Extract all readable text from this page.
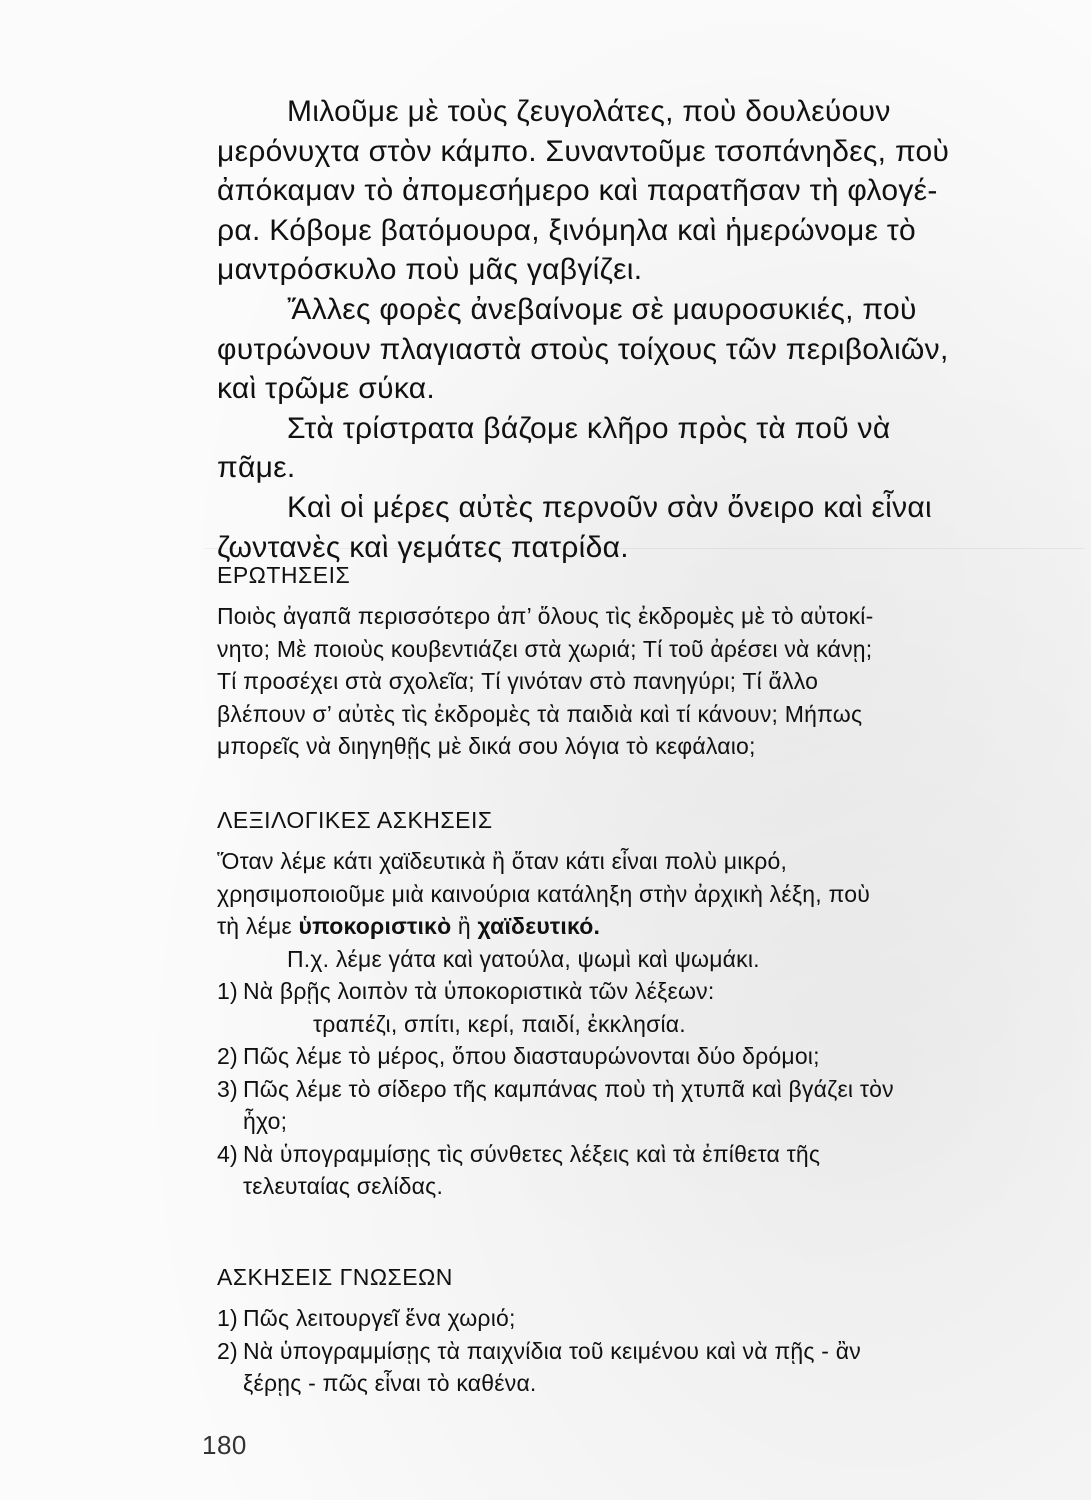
Μιλοῦμε μὲ τοὺς ζευγολάτες, ποὺ δουλεύουν
μερόνυχτα στὸν κάμπο. Συναντοῦμε τσοπάνηδες, ποὺ
ἀπόκαμαν τὸ ἀπομεσήμερο καὶ παρατῆσαν τὴ φλογέ-
ρα. Κόβομε βατόμουρα, ξινόμηλα καὶ ἡμερώνομε τὸ
μαντρόσκυλο ποὺ μᾶς γαβγίζει.

Ἄλλες φορὲς ἀνεβαίνομε σὲ μαυροσυκιές, ποὺ
φυτρώνουν πλαγιαστὰ στοὺς τοίχους τῶν περιβολιῶν,
καὶ τρῶμε σύκα.

Στὰ τρίστρατα βάζομε κλῆρο πρὸς τὰ ποῦ νὰ
πᾶμε.

Καὶ οἱ μέρες αὐτὲς περνοῦν σὰν ὄνειρο καὶ εἶναι
ζωντανὲς καὶ γεμάτες πατρίδα.

ΕΡΩΤΗΣΕΙΣ
Ποιὸς ἀγαπᾶ περισσότερο ἀπ’ ὅλους τὶς ἐκδρομὲς μὲ τὸ αὐτοκί-
νητο; Μὲ ποιοὺς κουβεντιάζει στὰ χωριά; Τί τοῦ ἀρέσει νὰ κάνῃ;
Τί προσέχει στὰ σχολεῖα; Τί γινόταν στὸ πανηγύρι; Τί ἄλλο
βλέπουν σ’ αὐτὲς τὶς ἐκδρομὲς τὰ παιδιὰ καὶ τί κάνουν; Μήπως
μπορεῖς νὰ διηγηθῇς μὲ δικά σου λόγια τὸ κεφάλαιο;
ΛΕΞΙΛΟΓΙΚΕΣ ΑΣΚΗΣΕΙΣ
Ὅταν λέμε κάτι χαϊδευτικὰ ἢ ὅταν κάτι εἶναι πολὺ μικρό,
χρησιμοποιοῦμε μιὰ καινούρια κατάληξη στὴν ἀρχικὴ λέξη, ποὺ
τὴ λέμε ὑποκοριστικὸ ἢ χαϊδευτικό.
Π.χ. λέμε γάτα καὶ γατούλα, ψωμὶ καὶ ψωμάκι.
1) Νὰ βρῇς λοιπὸν τὰ ὑποκοριστικὰ τῶν λέξεων:
τραπέζι, σπίτι, κερί, παιδί, ἐκκλησία.
2) Πῶς λέμε τὸ μέρος, ὅπου διασταυρώνονται δύο δρόμοι;
3) Πῶς λέμε τὸ σίδερο τῆς καμπάνας ποὺ τὴ χτυπᾶ καὶ βγάζει τὸν
ἦχο;
4) Νὰ ὑπογραμμίσῃς τὶς σύνθετες λέξεις καὶ τὰ ἐπίθετα τῆς
τελευταίας σελίδας.
ΑΣΚΗΣΕΙΣ ΓΝΩΣΕΩΝ
1) Πῶς λειτουργεῖ ἕνα χωριό;
2) Νὰ ὑπογραμμίσῃς τὰ παιχνίδια τοῦ κειμένου καὶ νὰ πῇς - ἂν
ξέρῃς - πῶς εἶναι τὸ καθένα.
180
